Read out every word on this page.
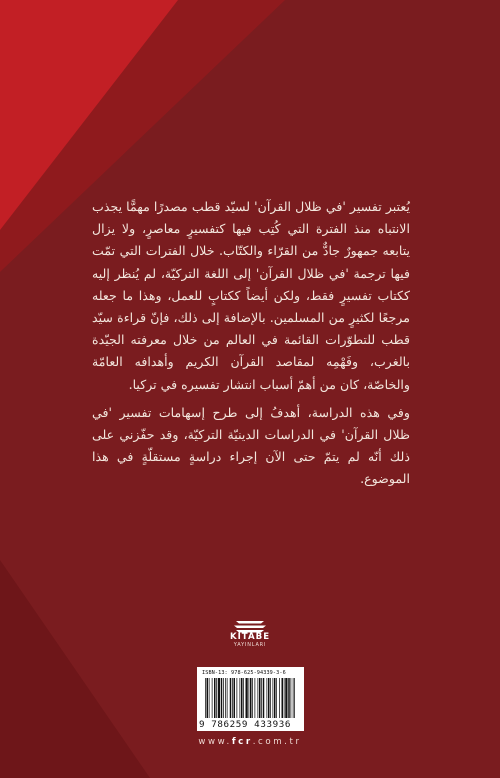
يُعتبر تفسير 'في ظلال القرآن' لسيّد قطب مصدرًا مهمًّا يجذب الانتباه منذ الفترة التي كُتِب فيها كتفسيرٍ معاصرٍ، ولا يزال يتابعه جمهورٌ جادٌّ من القرّاء والكتّاب. خلال الفترات التي تمّت فيها ترجمة 'في ظلال القرآن' إلى اللغة التركيّة، لم يُنظر إليه ككتاب تفسيرٍ فقط، ولكن أيضاً ككتابٍ للعمل، وهذا ما جعله مرجعًا لكثيرٍ من المسلمين. بالإضافة إلى ذلك، فإنّ قراءة سيّد قطب للتطوّرات القائمة في العالم من خلال معرفته الجيّدة بالغرب، وفَهْمِه لمقاصد القرآن الكريم وأهدافه العامّة والخاصّة، كان من أهمّ أسباب انتشار تفسيره في تركيا.

وفي هذه الدراسة، أهدفُ إلى طرح إسهامات تفسير 'في ظلال القرآن' في الدراسات الدينيّة التركيّة، وقد حفّزني على ذلك أنّه لم يتمّ حتى الآن إجراء دراسةٍ مستقلّةٍ في هذا الموضوع.

KİTABE
YAYINLARI
ISBN-13: 978-625-94339-3-6
9 786259 433936
www.fcr.com.tr
